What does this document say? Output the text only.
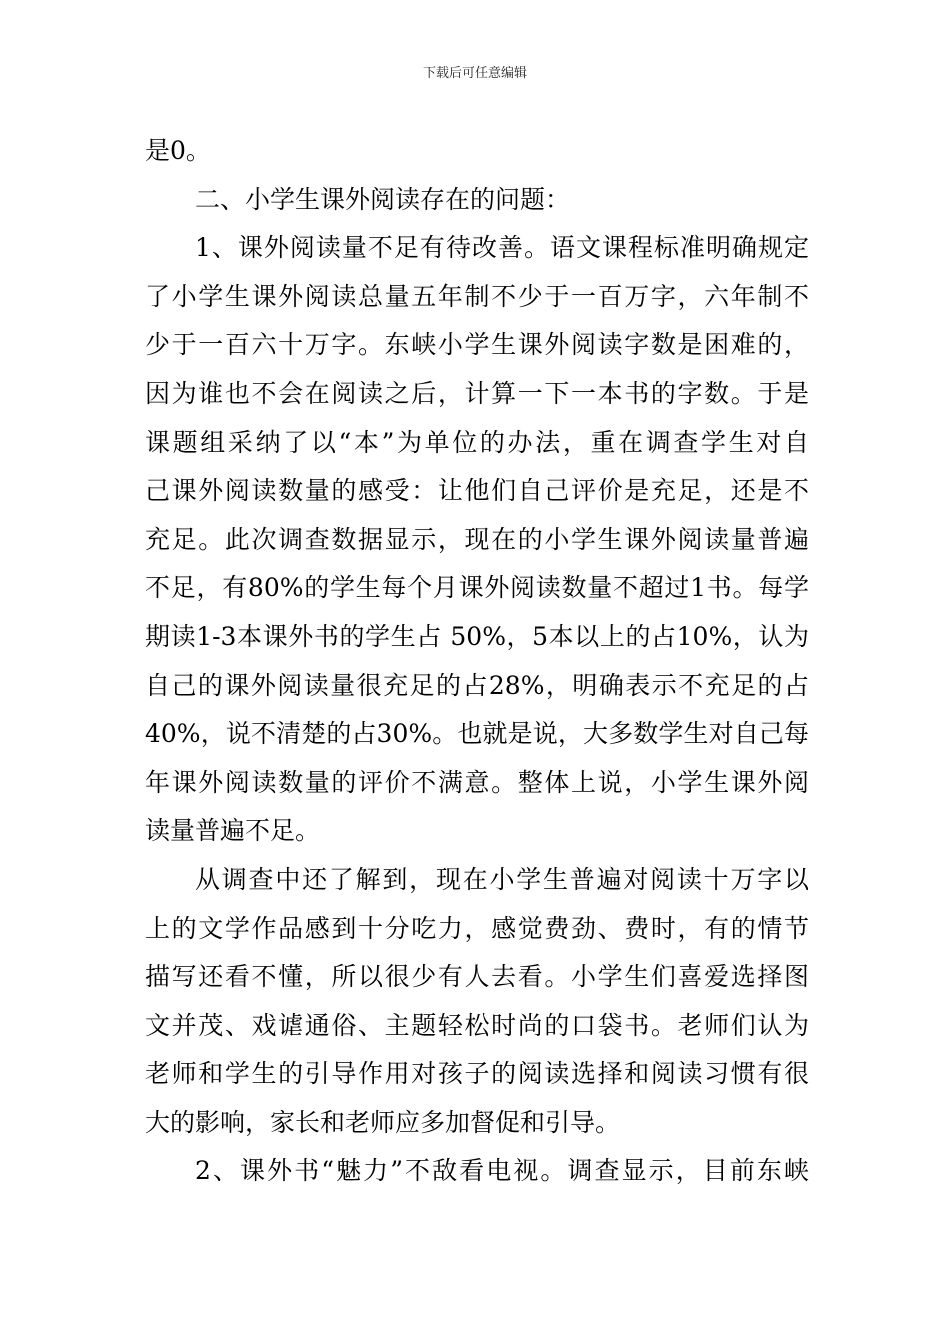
下载后可任意编辑
是0。
二、小学生课外阅读存在的问题：
1、课外阅读量不足有待改善。语文课程标准明确规定
了小学生课外阅读总量五年制不少于一百万字，六年制不
少于一百六十万字。东峡小学生课外阅读字数是困难的，
因为谁也不会在阅读之后，计算一下一本书的字数。于是
课题组采纳了以“本”为单位的办法，重在调查学生对自
己课外阅读数量的感受：让他们自己评价是充足，还是不
充足。此次调查数据显示，现在的小学生课外阅读量普遍
不足，有80%的学生每个月课外阅读数量不超过1书。每学
期读1-3本课外书的学生占 50%，5本以上的占10%，认为
自己的课外阅读量很充足的占28%，明确表示不充足的占
40%，说不清楚的占30%。也就是说，大多数学生对自己每
年课外阅读数量的评价不满意。整体上说，小学生课外阅
读量普遍不足。
从调查中还了解到，现在小学生普遍对阅读十万字以
上的文学作品感到十分吃力，感觉费劲、费时，有的情节
描写还看不懂，所以很少有人去看。小学生们喜爱选择图
文并茂、戏谑通俗、主题轻松时尚的口袋书。老师们认为
老师和学生的引导作用对孩子的阅读选择和阅读习惯有很
大的影响，家长和老师应多加督促和引导。
2、课外书“魅力”不敌看电视。调查显示，目前东峡
